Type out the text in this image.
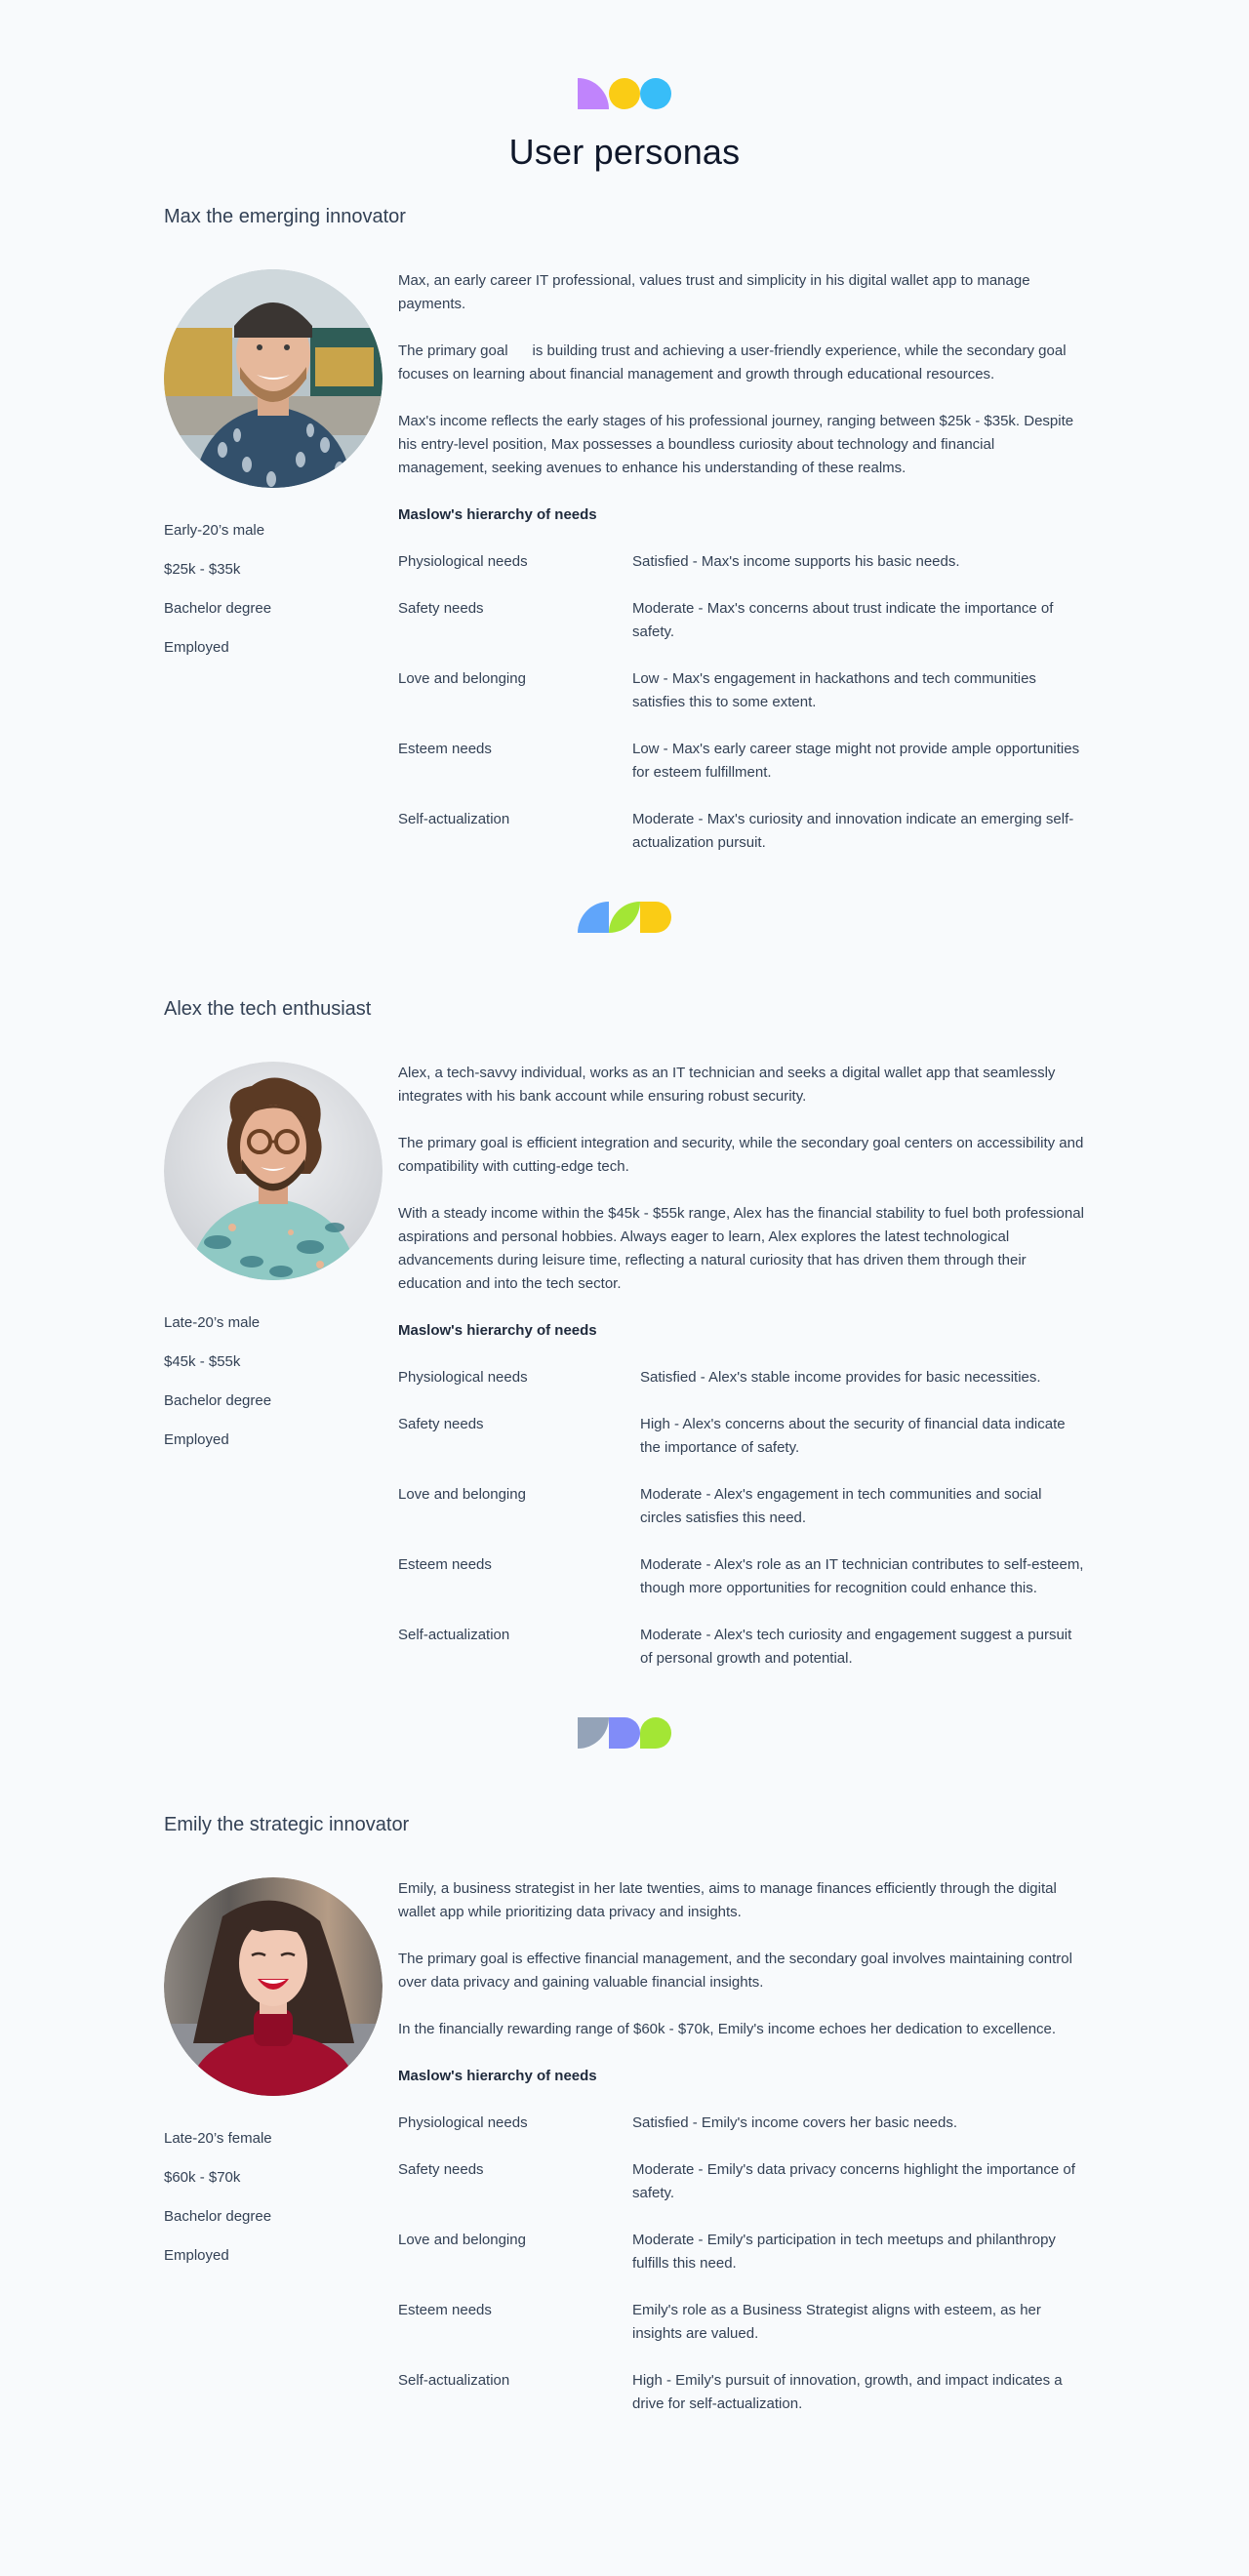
User personas
Max the emerging innovator
Early-20’s male
$25k - $35k
Bachelor degree
Employed

Max, an early career IT professional, values trust and simplicity in his digital wallet app to manage payments.

The primary goal      is building trust and achieving a user-friendly experience, while the secondary goal focuses on learning about financial management and growth through educational resources.

Max's income reflects the early stages of his professional journey, ranging between $25k - $35k. Despite his entry-level position, Max possesses a boundless curiosity about technology and financial management, seeking avenues to enhance his understanding of these realms.

Maslow's hierarchy of needs
Physiological needs	Satisfied - Max's income supports his basic needs.
Safety needs	Moderate - Max's concerns about trust indicate the importance of safety.
Love and belonging	Low - Max's engagement in hackathons and tech communities satisfies this to some extent.
Esteem needs	Low - Max's early career stage might not provide ample opportunities for esteem fulfillment.
Self-actualization	Moderate - Max's curiosity and innovation indicate an emerging self-actualization pursuit.
Alex the tech enthusiast
Late-20’s male
$45k - $55k
Bachelor degree
Employed

Alex, a tech-savvy individual, works as an IT technician and seeks a digital wallet app that seamlessly integrates with his bank account while ensuring robust security.

The primary goal is efficient integration and security, while the secondary goal centers on accessibility and compatibility with cutting-edge tech.

With a steady income within the $45k - $55k range, Alex has the financial stability to fuel both professional aspirations and personal hobbies. Always eager to learn, Alex explores the latest technological advancements during leisure time, reflecting a natural curiosity that has driven them through their education and into the tech sector.

Maslow's hierarchy of needs
Physiological needs	Satisfied - Alex's stable income provides for basic necessities.
Safety needs	High - Alex's concerns about the security of financial data indicate the importance of safety.
Love and belonging	Moderate - Alex's engagement in tech communities and social circles satisfies this need.
Esteem needs	Moderate - Alex's role as an IT technician contributes to self-esteem, though more opportunities for recognition could enhance this.
Self-actualization	Moderate - Alex's tech curiosity and engagement suggest a pursuit of personal growth and potential.
Emily the strategic innovator
Late-20’s female
$60k - $70k
Bachelor degree
Employed

Emily, a business strategist in her late twenties, aims to manage finances efficiently through the digital wallet app while prioritizing data privacy and insights.

The primary goal is effective financial management, and the secondary goal involves maintaining control over data privacy and gaining valuable financial insights.

In the financially rewarding range of $60k - $70k, Emily's income echoes her dedication to excellence.

Maslow's hierarchy of needs
Physiological needs	Satisfied - Emily's income covers her basic needs.
Safety needs	Moderate - Emily's data privacy concerns highlight the importance of safety.
Love and belonging	Moderate - Emily's participation in tech meetups and philanthropy fulfills this need.
Esteem needs	Emily's role as a Business Strategist aligns with esteem, as her insights are valued.
Self-actualization	High - Emily's pursuit of innovation, growth, and impact indicates a drive for self-actualization.
